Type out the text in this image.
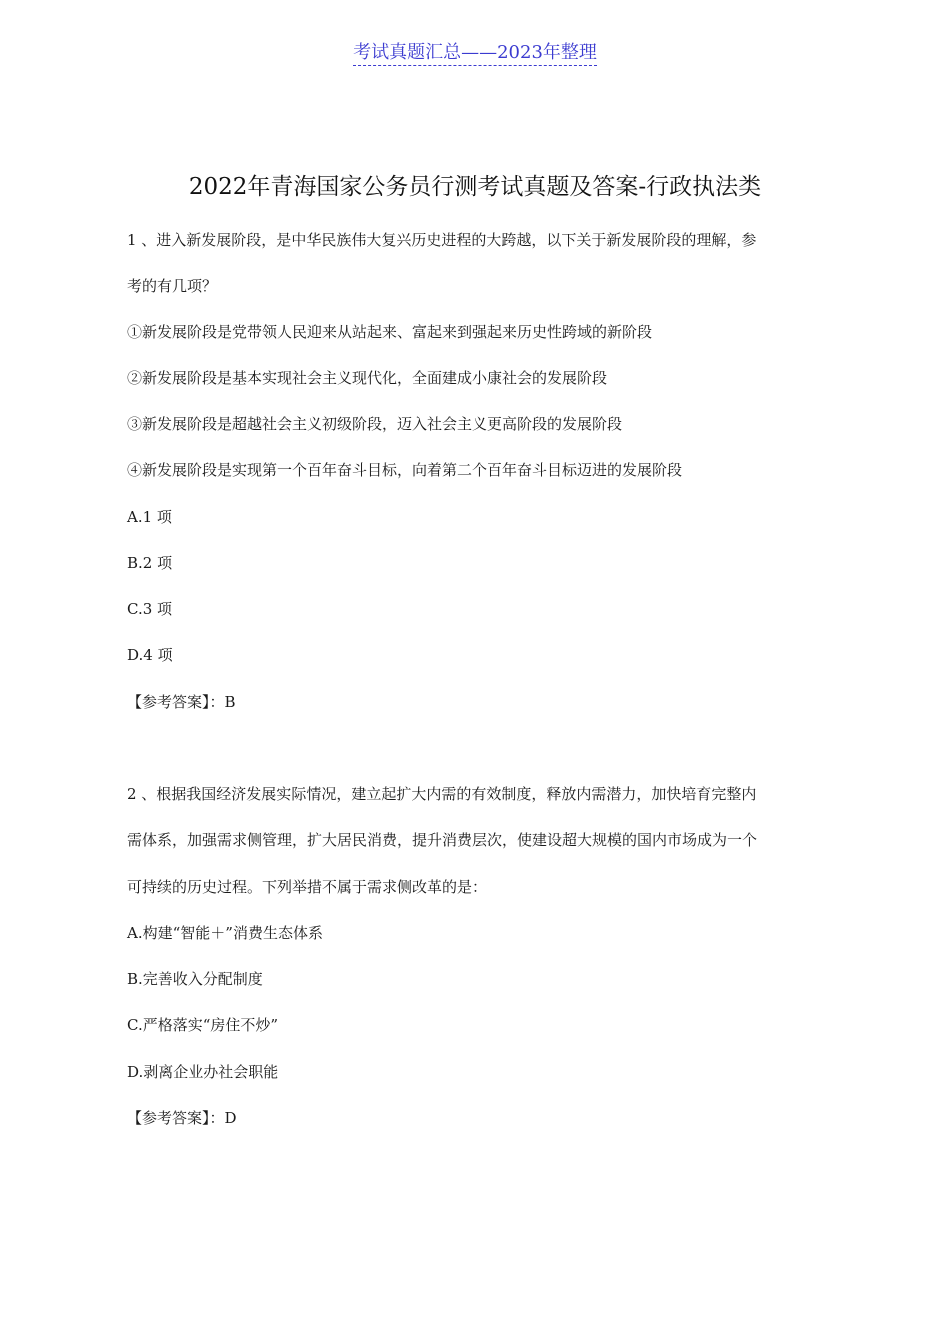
考试真题汇总——2023年整理
2022年青海国家公务员行测考试真题及答案-行政执法类
1 、进入新发展阶段，是中华民族伟大复兴历史进程的大跨越，以下关于新发展阶段的理解，参
考的有几项？
①新发展阶段是党带领人民迎来从站起来、富起来到强起来历史性跨域的新阶段
②新发展阶段是基本实现社会主义现代化，全面建成小康社会的发展阶段
③新发展阶段是超越社会主义初级阶段，迈入社会主义更高阶段的发展阶段
④新发展阶段是实现第一个百年奋斗目标，向着第二个百年奋斗目标迈进的发展阶段
A.1 项
B.2 项
C.3 项
D.4 项
【参考答案】：B
2 、根据我国经济发展实际情况，建立起扩大内需的有效制度，释放内需潜力，加快培育完整内
需体系，加强需求侧管理，扩大居民消费，提升消费层次，使建设超大规模的国内市场成为一个
可持续的历史过程。下列举措不属于需求侧改革的是：
A.构建“智能＋”消费生态体系
B.完善收入分配制度
C.严格落实“房住不炒”
D.剥离企业办社会职能
【参考答案】：D
